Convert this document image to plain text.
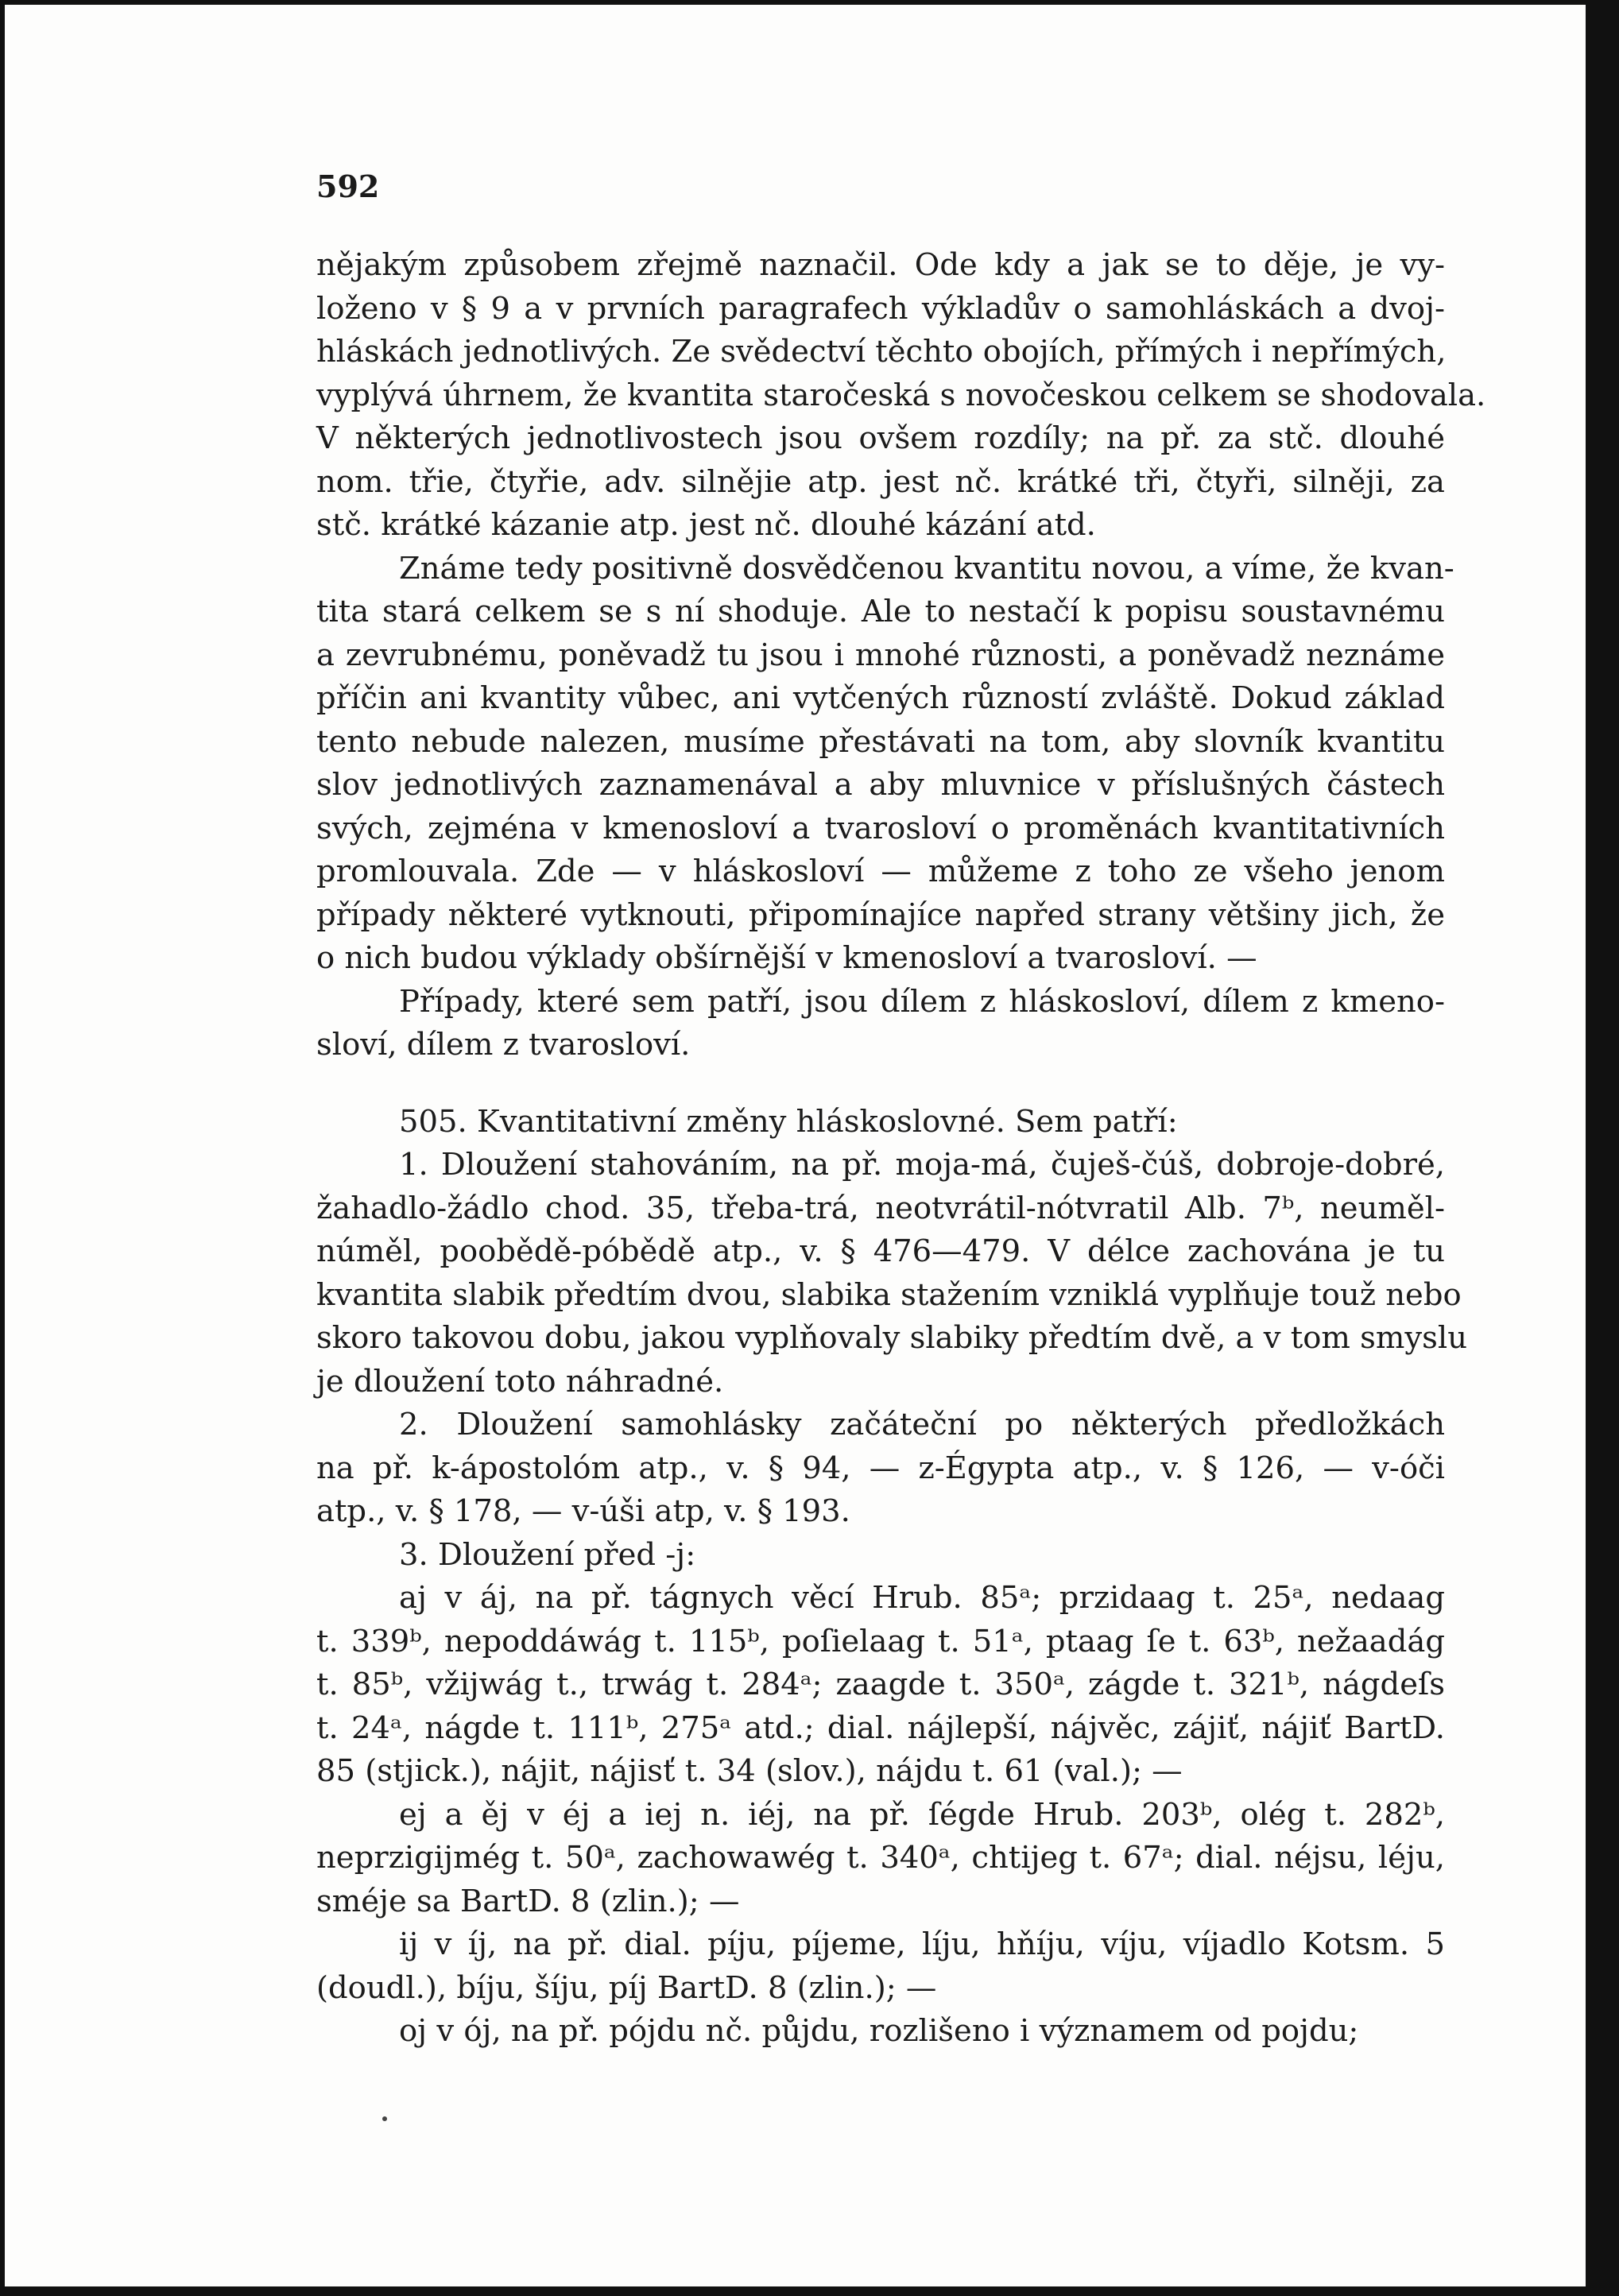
592
nějakým způsobem zřejmě naznačil. Ode kdy a jak se to děje, je vy-
loženo v § 9 a v prvních paragrafech výkladův o samohláskách a dvoj-
hláskách jednotlivých. Ze svědectví těchto obojích, přímých i nepřímých,
vyplývá úhrnem, že kvantita staročeská s novočeskou celkem se shodovala.
V některých jednotlivostech jsou ovšem rozdíly; na př. za stč. dlouhé
nom. třie, čtyřie, adv. silnějie atp. jest nč. krátké tři, čtyři, silněji, za
stč. krátké kázanie atp. jest nč. dlouhé kázání atd.
Známe tedy positivně dosvědčenou kvantitu novou, a víme, že kvan-
tita stará celkem se s ní shoduje. Ale to nestačí k popisu soustavnému
a zevrubnému, poněvadž tu jsou i mnohé různosti, a poněvadž neznáme
příčin ani kvantity vůbec, ani vytčených růzností zvláště. Dokud základ
tento nebude nalezen, musíme přestávati na tom, aby slovník kvantitu
slov jednotlivých zaznamenával a aby mluvnice v příslušných částech
svých, zejména v kmenosloví a tvarosloví o proměnách kvantitativních
promlouvala. Zde — v hláskosloví — můžeme z toho ze všeho jenom
případy některé vytknouti, připomínajíce napřed strany většiny jich, že
o nich budou výklady obšírnější v kmenosloví a tvarosloví. —
Případy, které sem patří, jsou dílem z hláskosloví, dílem z kmeno-
sloví, dílem z tvarosloví.
505. Kvantitativní změny hláskoslovné. Sem patří:
1. Dloužení stahováním, na př. moja-má, čuješ-čúš, dobroje-dobré,
žahadlo-žádlo chod. 35, třeba-trá, neotvrátil-nótvratil Alb. 7ᵇ, neuměl-
núměl, poobědě-póbědě atp., v. § 476—479. V délce zachována je tu
kvantita slabik předtím dvou, slabika stažením vzniklá vyplňuje touž nebo
skoro takovou dobu, jakou vyplňovaly slabiky předtím dvě, a v tom smyslu
je dloužení toto náhradné.
2. Dloužení samohlásky začáteční po některých předložkách
na př. k-ápostolóm atp., v. § 94, — z-Égypta atp., v. § 126, — v-óči
atp., v. § 178, — v-úši atp, v. § 193.
3. Dloužení před -j:
aj v áj, na př. tágnych věcí Hrub. 85ᵃ; przidaag t. 25ᵃ, nedaag
t. 339ᵇ, nepoddáwág t. 115ᵇ, poſielaag t. 51ᵃ, ptaag ſe t. 63ᵇ, nežaadág
t. 85ᵇ, vžijwág t., trwág t. 284ᵃ; zaagde t. 350ᵃ, zágde t. 321ᵇ, nágdeſs
t. 24ᵃ, nágde t. 111ᵇ, 275ᵃ atd.; dial. nájlepší, nájvěc, zájiť, nájiť BartD.
85 (stjick.), nájit, nájisť t. 34 (slov.), nájdu t. 61 (val.); —
ej a ěj v éj a iej n. iéj, na př. ſégde Hrub. 203ᵇ, olég t. 282ᵇ,
neprzigijmég t. 50ᵃ, zachowawég t. 340ᵃ, chtijeg t. 67ᵃ; dial. néjsu, léju,
sméje sa BartD. 8 (zlin.); —
ij v íj, na př. dial. píju, píjeme, líju, hňíju, víju, víjadlo Kotsm. 5
(doudl.), bíju, šíju, píj BartD. 8 (zlin.); —
oj v ój, na př. pójdu nč. půjdu, rozlišeno i významem od pojdu;
